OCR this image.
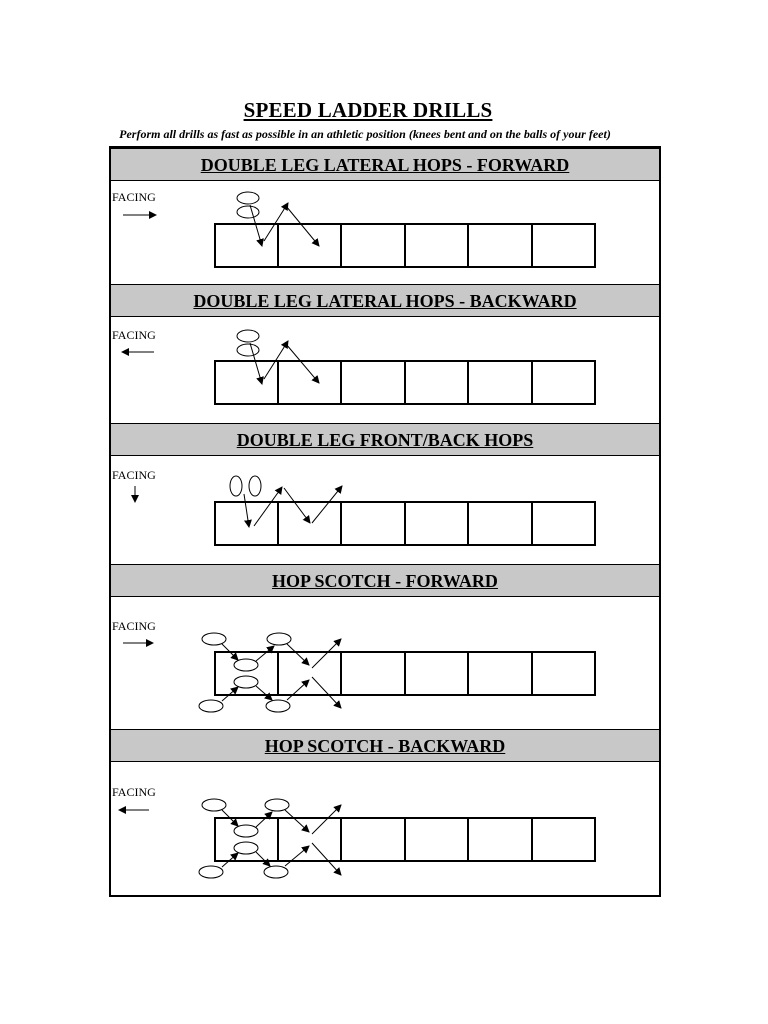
SPEED LADDER DRILLS
Perform all drills as fast as possible in an athletic position (knees bent and on the balls of your feet)
DOUBLE LEG LATERAL HOPS - FORWARD
DOUBLE LEG LATERAL HOPS - BACKWARD
DOUBLE LEG FRONT/BACK HOPS
HOP SCOTCH - FORWARD
HOP SCOTCH - BACKWARD
FACING
FACING
FACING
FACING
FACING
